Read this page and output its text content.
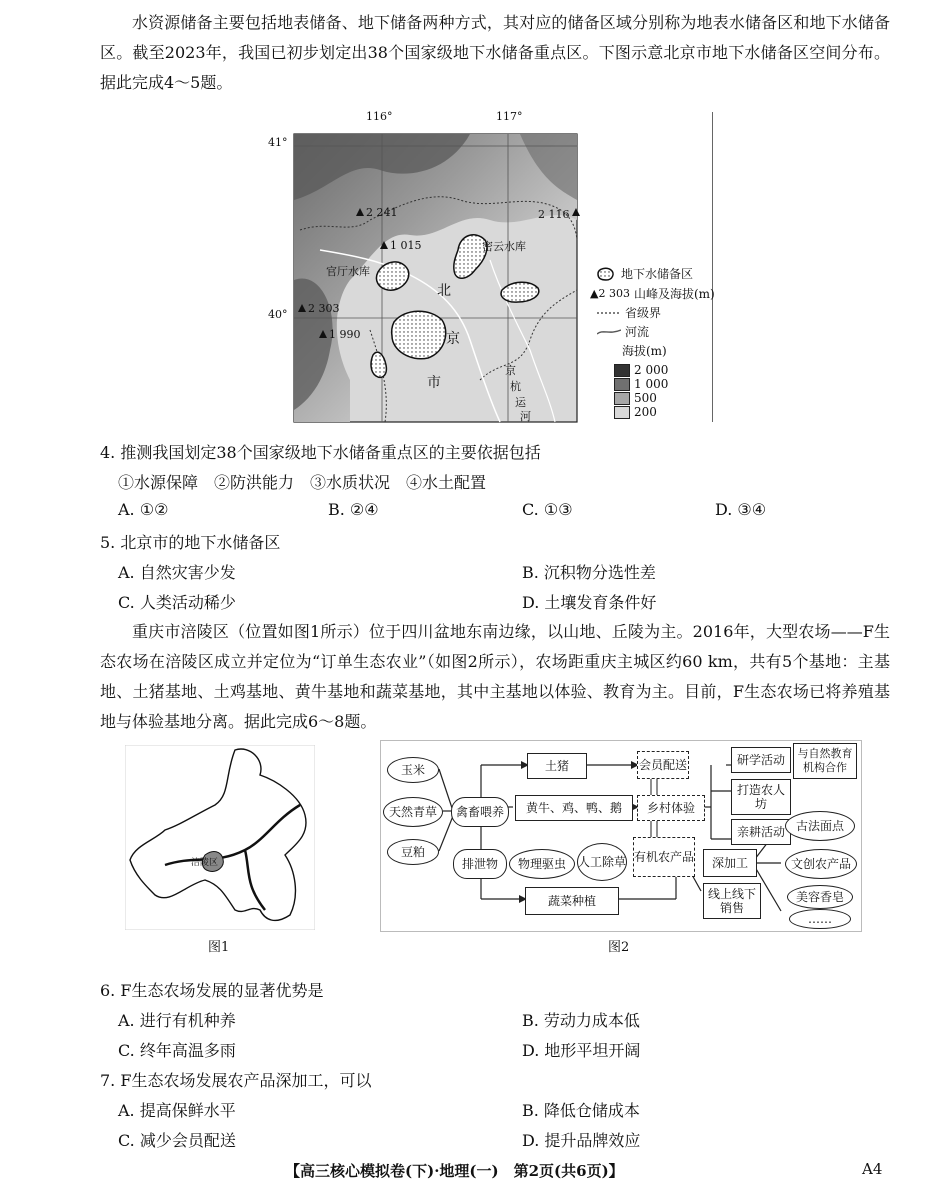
水资源储备主要包括地表储备、地下储备两种方式，其对应的储备区域分别称为地表水储备区和地下水储备区。截至2023年，我国已初步划定出38个国家级地下水储备重点区。下图示意北京市地下水储备区空间分布。据此完成4～5题。
116°	117°
41°
40°
2 241	2 116
1 015
2 303
1 990
密云水库
官厅水库
北
京
市
京
杭
运
河
地下水储备区
▲2 303 山峰及海拔(m)
省级界
河流
海拔(m)
2 000
1 000
500
200
4. 推测我国划定38个国家级地下水储备重点区的主要依据包括
①水源保障　②防洪能力　③水质状况　④水土配置
A. ①②	B. ②④	C. ①③	D. ③④
5. 北京市的地下水储备区
A. 自然灾害少发	B. 沉积物分选性差
C. 人类活动稀少	D. 土壤发育条件好
重庆市涪陵区（位置如图1所示）位于四川盆地东南边缘，以山地、丘陵为主。2016年，大型农场——F生态农场在涪陵区成立并定位为“订单生态农业”（如图2所示），农场距重庆主城区约60 km，共有5个基地：主基地、土猪基地、土鸡基地、黄牛基地和蔬菜基地，其中主基地以体验、教育为主。目前，F生态农场已将养殖基地与体验基地分离。据此完成6～8题。
涪陵区
图1
玉米
天然青草
豆粕
禽畜喂养
土猪
黄牛、鸡、鸭、鹅
排泄物	物理驱虫	人工除草
蔬菜种植
会员配送
乡村体验
有机农产品
研学活动	与自然教育机构合作
打造农人坊
亲耕活动
深加工
线上线下销售
古法面点
文创农产品
美容香皂
……
图2
6. F生态农场发展的显著优势是
A. 进行有机种养	B. 劳动力成本低
C. 终年高温多雨	D. 地形平坦开阔
7. F生态农场发展农产品深加工，可以
A. 提高保鲜水平	B. 降低仓储成本
C. 减少会员配送	D. 提升品牌效应
【高三核心模拟卷(下)·地理(一)　第2页(共6页)】	A4
